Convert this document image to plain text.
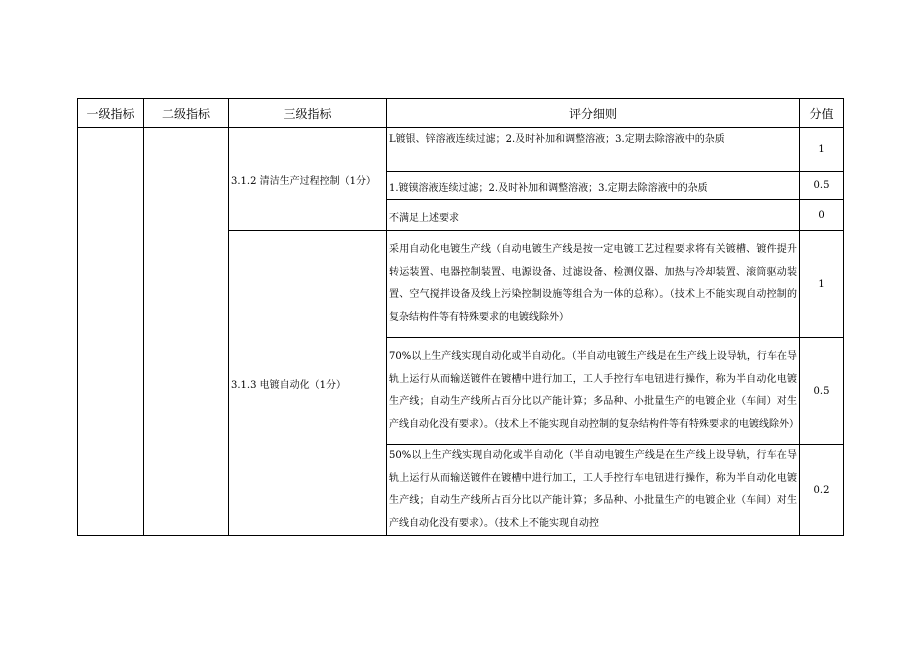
一级指标	二级指标	三级指标	评分细则	分值
		3.1.2 清洁生产过程控制（1分）	L镀银、锌溶液连续过滤；2.及时补加和调整溶液；3.定期去除溶液中的杂质	1
			1.镀镆溶液连续过滤；2.及时补加和调整溶液；3.定期去除溶液中的杂质	0.5
			不满足上述要求	0
		3.1.3 电镀自动化（1分）	采用自动化电镀生产线（自动电镀生产线是按一定电镀工艺过程要求将有关镀槽、镀件提升转运装置、电器控制装置、电源设备、过滤设备、检测仪器、加热与冷却装置、滚筒驱动装置、空气搅拌设备及线上污染控制设施等组合为一体的总称）。（技术上不能实现自动控制的复杂结构件等有特殊要求的电镀线除外）	1
			70%以上生产线实现自动化或半自动化。（半自动电镀生产线是在生产线上设导轨，行车在导轨上运行从而输送镀件在镀槽中进行加工，工人手控行车电钮进行操作，称为半自动化电镀生产线；自动生产线所占百分比以产能计算；多品种、小批量生产的电镀企业（车间）对生产线自动化没有要求）。（技术上不能实现自动控制的复杂结构件等有特殊要求的电镀线除外）	0.5
			50%以上生产线实现自动化或半自动化（半自动电镀生产线是在生产线上设导轨，行车在导轨上运行从而输送镀件在镀槽中进行加工，工人手控行车电钮进行操作，称为半自动化电镀生产线；自动生产线所占百分比以产能计算；多品种、小批量生产的电镀企业（车间）对生产线自动化没有要求）。（技术上不能实现自动控	0.2
